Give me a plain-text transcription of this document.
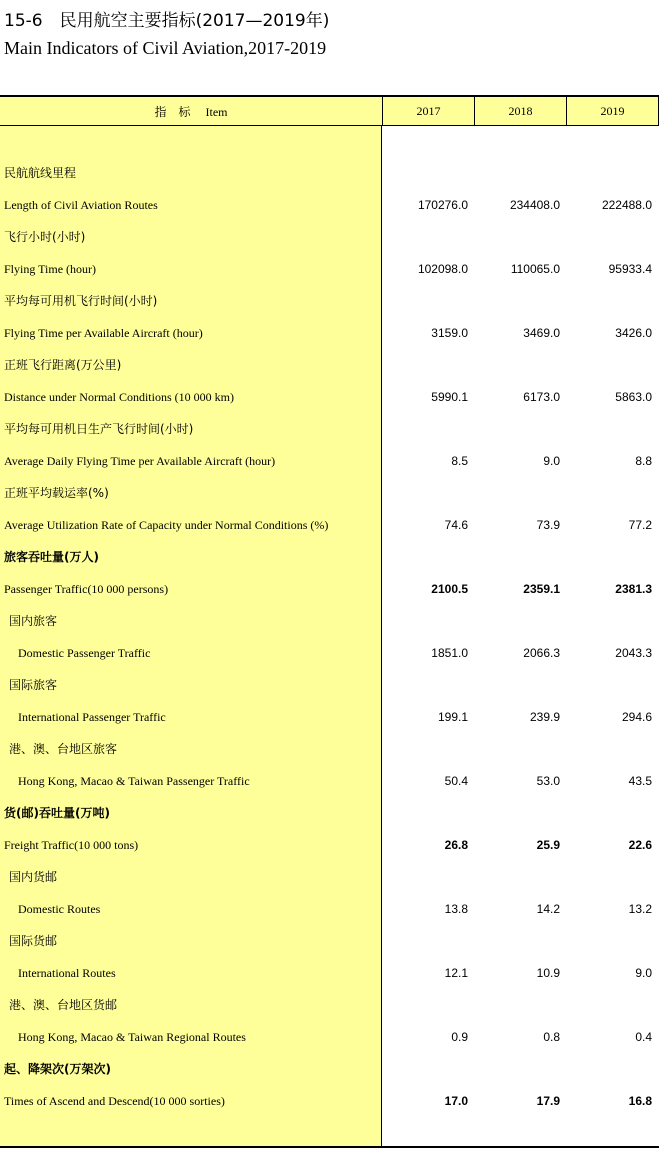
15-6　民用航空主要指标(2017—2019年)
Main Indicators of Civil Aviation,2017-2019
指　标　 Item	2017	2018	2019
民航航线里程
Length of Civil Aviation Routes	170276.0	234408.0	222488.0
飞行小时(小时)
Flying Time (hour)	102098.0	110065.0	95933.4
平均每可用机飞行时间(小时)
Flying Time per Available Aircraft (hour)	3159.0	3469.0	3426.0
正班飞行距离(万公里)
Distance under Normal Conditions (10 000 km)	5990.1	6173.0	5863.0
平均每可用机日生产飞行时间(小时)
Average Daily Flying Time per Available Aircraft (hour)	8.5	9.0	8.8
正班平均载运率(%)
Average Utilization Rate of Capacity under Normal Conditions (%)	74.6	73.9	77.2
旅客吞吐量(万人)
Passenger Traffic(10 000 persons)	2100.5	2359.1	2381.3
国内旅客
Domestic Passenger Traffic	1851.0	2066.3	2043.3
国际旅客
International Passenger Traffic	199.1	239.9	294.6
港、澳、台地区旅客
Hong Kong, Macao & Taiwan Passenger Traffic	50.4	53.0	43.5
货(邮)吞吐量(万吨)
Freight Traffic(10 000 tons)	26.8	25.9	22.6
国内货邮
Domestic Routes	13.8	14.2	13.2
国际货邮
International Routes	12.1	10.9	9.0
港、澳、台地区货邮
Hong Kong, Macao & Taiwan Regional Routes	0.9	0.8	0.4
起、降架次(万架次)
Times of Ascend and Descend(10 000 sorties)	17.0	17.9	16.8
